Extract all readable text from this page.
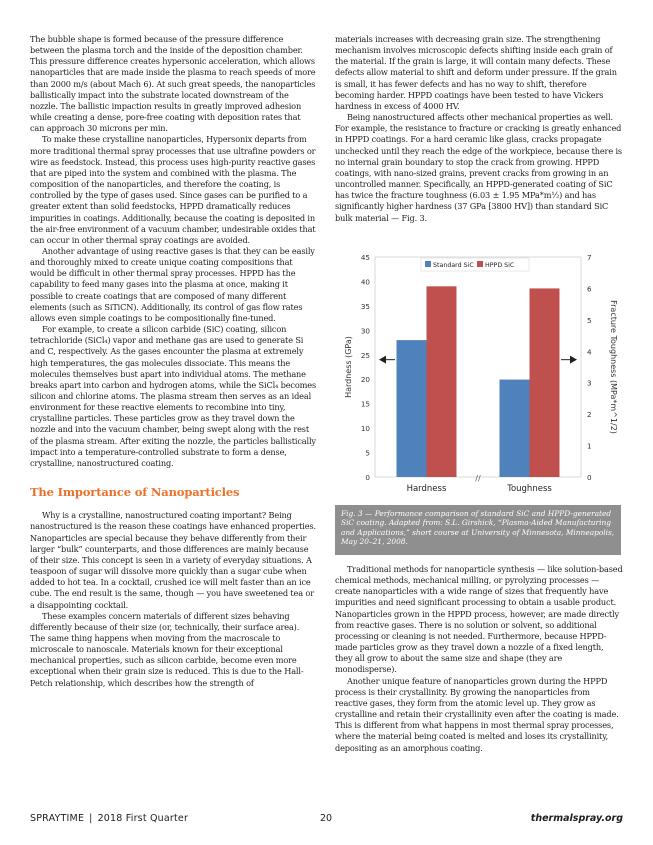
The bubble shape is formed because of the pressure difference between the plasma torch and the inside of the deposition chamber. This pressure difference creates hypersonic acceleration, which allows nanoparticles that are made inside the plasma to reach speeds of more than 2000 m/s (about Mach 6). At such great speeds, the nanoparticles ballistically impact into the substrate located downstream of the nozzle. The ballistic impaction results in greatly improved adhesion while creating a dense, pore-free coating with deposition rates that can approach 30 microns per min.

To make these crystalline nanoparticles, Hypersonix departs from more traditional thermal spray processes that use ultrafine powders or wire as feedstock. Instead, this process uses high-purity reactive gases that are piped into the system and combined with the plasma. The composition of the nanoparticles, and therefore the coating, is controlled by the type of gases used. Since gases can be purified to a greater extent than solid feedstocks, HPPD dramatically reduces impurities in coatings. Additionally, because the coating is deposited in the air-free environment of a vacuum chamber, undesirable oxides that can occur in other thermal spray coatings are avoided.

Another advantage of using reactive gases is that they can be easily and thoroughly mixed to create unique coating compositions that would be difficult in other thermal spray processes. HPPD has the capability to feed many gases into the plasma at once, making it possible to create coatings that are composed of many different elements (such as SiTiCN). Additionally, its control of gas flow rates allows even simple coatings to be compositionally fine-tuned.

For example, to create a silicon carbide (SiC) coating, silicon tetrachloride (SiCl₄) vapor and methane gas are used to generate Si and C, respectively. As the gases encounter the plasma at extremely high temperatures, the gas molecules dissociate. This means the molecules themselves bust apart into individual atoms. The methane breaks apart into carbon and hydrogen atoms, while the SiCl₄ becomes silicon and chlorine atoms. The plasma stream then serves as an ideal environment for these reactive elements to recombine into tiny, crystalline particles. These particles grow as they travel down the nozzle and into the vacuum chamber, being swept along with the rest of the plasma stream. After exiting the nozzle, the particles ballistically impact into a temperature-controlled substrate to form a dense, crystalline, nanostructured coating.

The Importance of Nanoparticles

Why is a crystalline, nanostructured coating important? Being nanostructured is the reason these coatings have enhanced properties. Nanoparticles are special because they behave differently from their larger “bulk” counterparts, and those differences are mainly because of their size. This concept is seen in a variety of everyday situations. A teaspoon of sugar will dissolve more quickly than a sugar cube when added to hot tea. In a cocktail, crushed ice will melt faster than an ice cube. The end result is the same, though — you have sweetened tea or a disappointing cocktail.

These examples concern materials of different sizes behaving differently because of their size (or, technically, their surface area). The same thing happens when moving from the macroscale to microscale to nanoscale. Materials known for their exceptional mechanical properties, such as silicon carbide, become even more exceptional when their grain size is reduced. This is due to the Hall-Petch relationship, which describes how the strength of

materials increases with decreasing grain size. The strengthening mechanism involves microscopic defects shifting inside each grain of the material. If the grain is large, it will contain many defects. These defects allow material to shift and deform under pressure. If the grain is small, it has fewer defects and has no way to shift, therefore becoming harder. HPPD coatings have been tested to have Vickers hardness in excess of 4000 HV.

Being nanostructured affects other mechanical properties as well. For example, the resistance to fracture or cracking is greatly enhanced in HPPD coatings. For a hard ceramic like glass, cracks propagate unchecked until they reach the edge of the workpiece, because there is no internal grain boundary to stop the crack from growing. HPPD coatings, with nano-sized grains, prevent cracks from growing in an uncontrolled manner. Specifically, an HPPD-generated coating of SiC has twice the fracture toughness (6.03 ± 1.95 MPa*m½) and has significantly higher hardness (37 GPa [3800 HV]) than standard SiC bulk material — Fig. 3.

0
5
10
15
20
25
30
35
40
45
0
1
2
3
4
5
6
7
Hardness (GPa)	Fracture Toughness (MPa*m^1/2)
Hardness	Toughness
//
Standard SiC HPPD SiC
Fig. 3 — Performance comparison of standard SiC and HPPD-generated SiC coating. Adapted from: S.L. Girshick, “Plasma-Aided Manufacturing and Applications,” short course at University of Minnesota, Minneapolis, May 20–21, 2008.

Traditional methods for nanoparticle synthesis — like solution-based chemical methods, mechanical milling, or pyrolyzing processes — create nanoparticles with a wide range of sizes that frequently have impurities and need significant processing to obtain a usable product. Nanoparticles grown in the HPPD process, however, are made directly from reactive gases. There is no solution or solvent, so additional processing or cleaning is not needed. Furthermore, because HPPD-made particles grow as they travel down a nozzle of a fixed length, they all grow to about the same size and shape (they are monodisperse).

Another unique feature of nanoparticles grown during the HPPD process is their crystallinity. By growing the nanoparticles from reactive gases, they form from the atomic level up. They grow as crystalline and retain their crystallinity even after the coating is made. This is different from what happens in most thermal spray processes, where the material being coated is melted and loses its crystallinity, depositing as an amorphous coating.

SPRAYTIME | 2018 First Quarter	20	thermalspray.org
